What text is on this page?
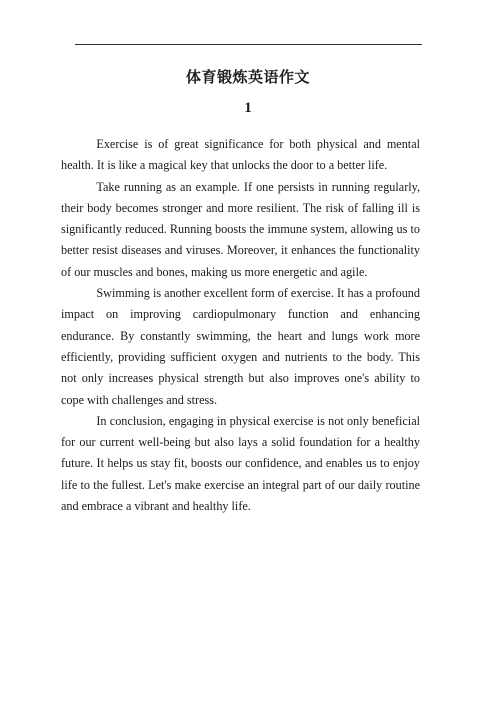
体育锻炼英语作文
1

Exercise is of great significance for both physical and mental health. It is like a magical key that unlocks the door to a better life.

Take running as an example. If one persists in running regularly, their body becomes stronger and more resilient. The risk of falling ill is significantly reduced. Running boosts the immune system, allowing us to better resist diseases and viruses. Moreover, it enhances the functionality of our muscles and bones, making us more energetic and agile.

Swimming is another excellent form of exercise. It has a profound impact on improving cardiopulmonary function and enhancing endurance. By constantly swimming, the heart and lungs work more efficiently, providing sufficient oxygen and nutrients to the body. This not only increases physical strength but also improves one's ability to cope with challenges and stress.

In conclusion, engaging in physical exercise is not only beneficial for our current well-being but also lays a solid foundation for a healthy future. It helps us stay fit, boosts our confidence, and enables us to enjoy life to the fullest. Let's make exercise an integral part of our daily routine and embrace a vibrant and healthy life.
